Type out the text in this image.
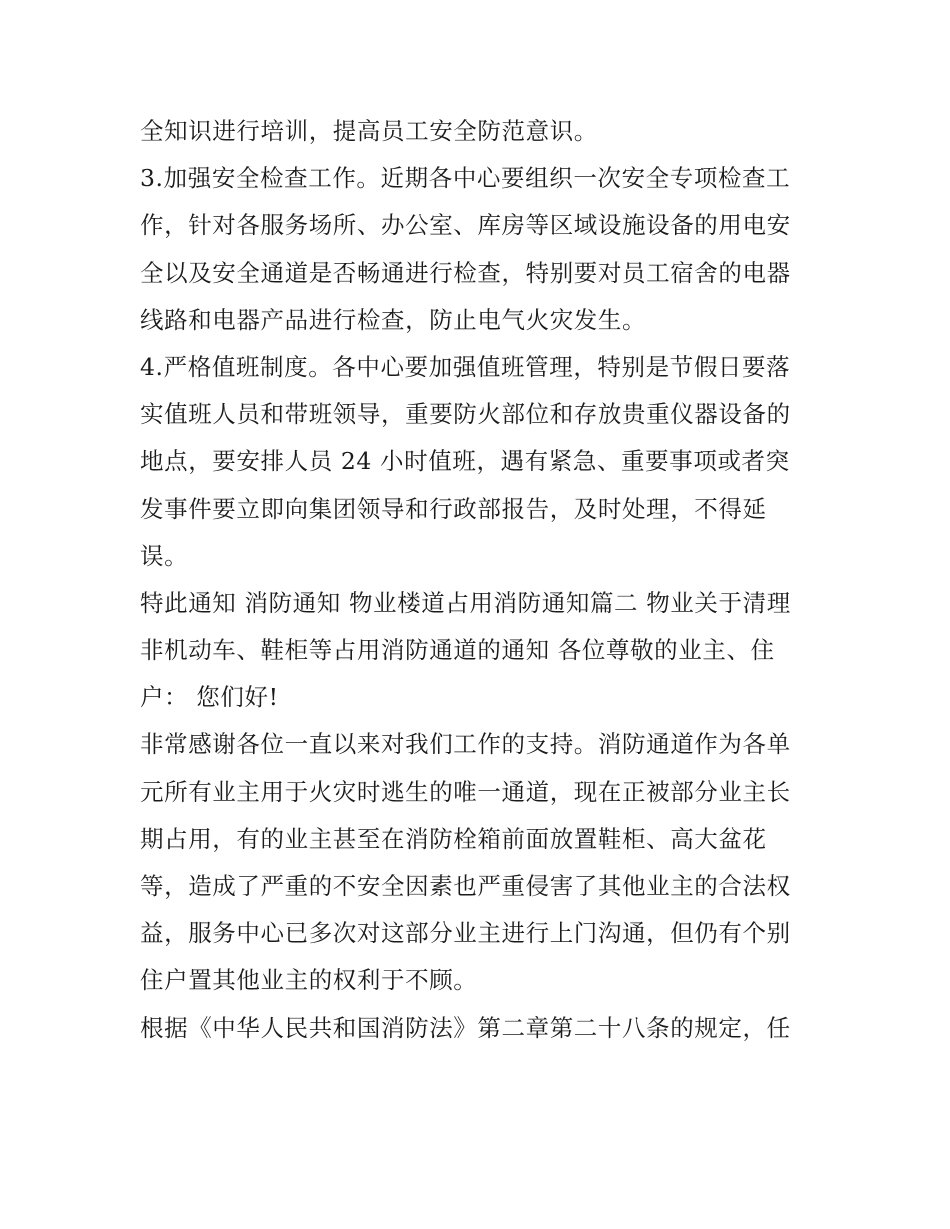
全知识进行培训，提高员工安全防范意识。
3.加强安全检查工作。近期各中心要组织一次安全专项检查工
作，针对各服务场所、办公室、库房等区域设施设备的用电安
全以及安全通道是否畅通进行检查，特别要对员工宿舍的电器
线路和电器产品进行检查，防止电气火灾发生。
4.严格值班制度。各中心要加强值班管理，特别是节假日要落
实值班人员和带班领导，重要防火部位和存放贵重仪器设备的
地点，要安排人员 24 小时值班，遇有紧急、重要事项或者突
发事件要立即向集团领导和行政部报告，及时处理，不得延
误。
特此通知 消防通知 物业楼道占用消防通知篇二 物业关于清理
非机动车、鞋柜等占用消防通道的通知 各位尊敬的业主、住
户： 您们好!
非常感谢各位一直以来对我们工作的支持。消防通道作为各单
元所有业主用于火灾时逃生的唯一通道，现在正被部分业主长
期占用，有的业主甚至在消防栓箱前面放置鞋柜、高大盆花
等，造成了严重的不安全因素也严重侵害了其他业主的合法权
益，服务中心已多次对这部分业主进行上门沟通，但仍有个别
住户置其他业主的权利于不顾。
根据《中华人民共和国消防法》第二章第二十八条的规定，任
